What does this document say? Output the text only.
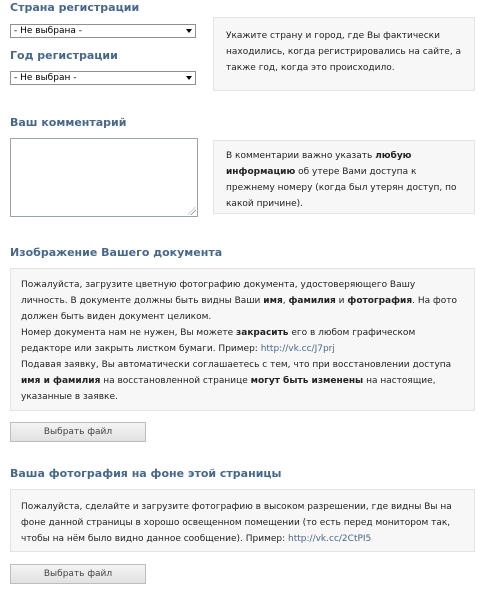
Страна регистрации
- Не выбрана -
Год регистрации
- Не выбран -

Укажите страну и город, где Вы фактически находились, когда регистрировались на сайте, а также год, когда это происходило.

Ваш комментарий

В комментарии важно указать любую информацию об утере Вами доступа к прежнему номеру (когда был утерян доступ, по какой причине).

Изображение Вашего документа

Пожалуйста, загрузите цветную фотографию документа, удостоверяющего Вашу личность. В документе должны быть видны Ваши имя, фамилия и фотография. На фото должен быть виден документ целиком.

Номер документа нам не нужен, Вы можете закрасить его в любом графическом редакторе или закрыть листком бумаги. Пример: http://vk.cc/J7prj

Подавая заявку, Вы автоматически соглашаетесь с тем, что при восстановлении доступа имя и фамилия на восстановленной странице могут быть изменены на настоящие, указанные в заявке.

Выбрать файл
Ваша фотография на фоне этой страницы

Пожалуйста, сделайте и загрузите фотографию в высоком разрешении, где видны Вы на фоне данной страницы в хорошо освещенном помещении (то есть перед монитором так, чтобы на нём было видно данное сообщение). Пример: http://vk.cc/2CtPI5

Выбрать файл
